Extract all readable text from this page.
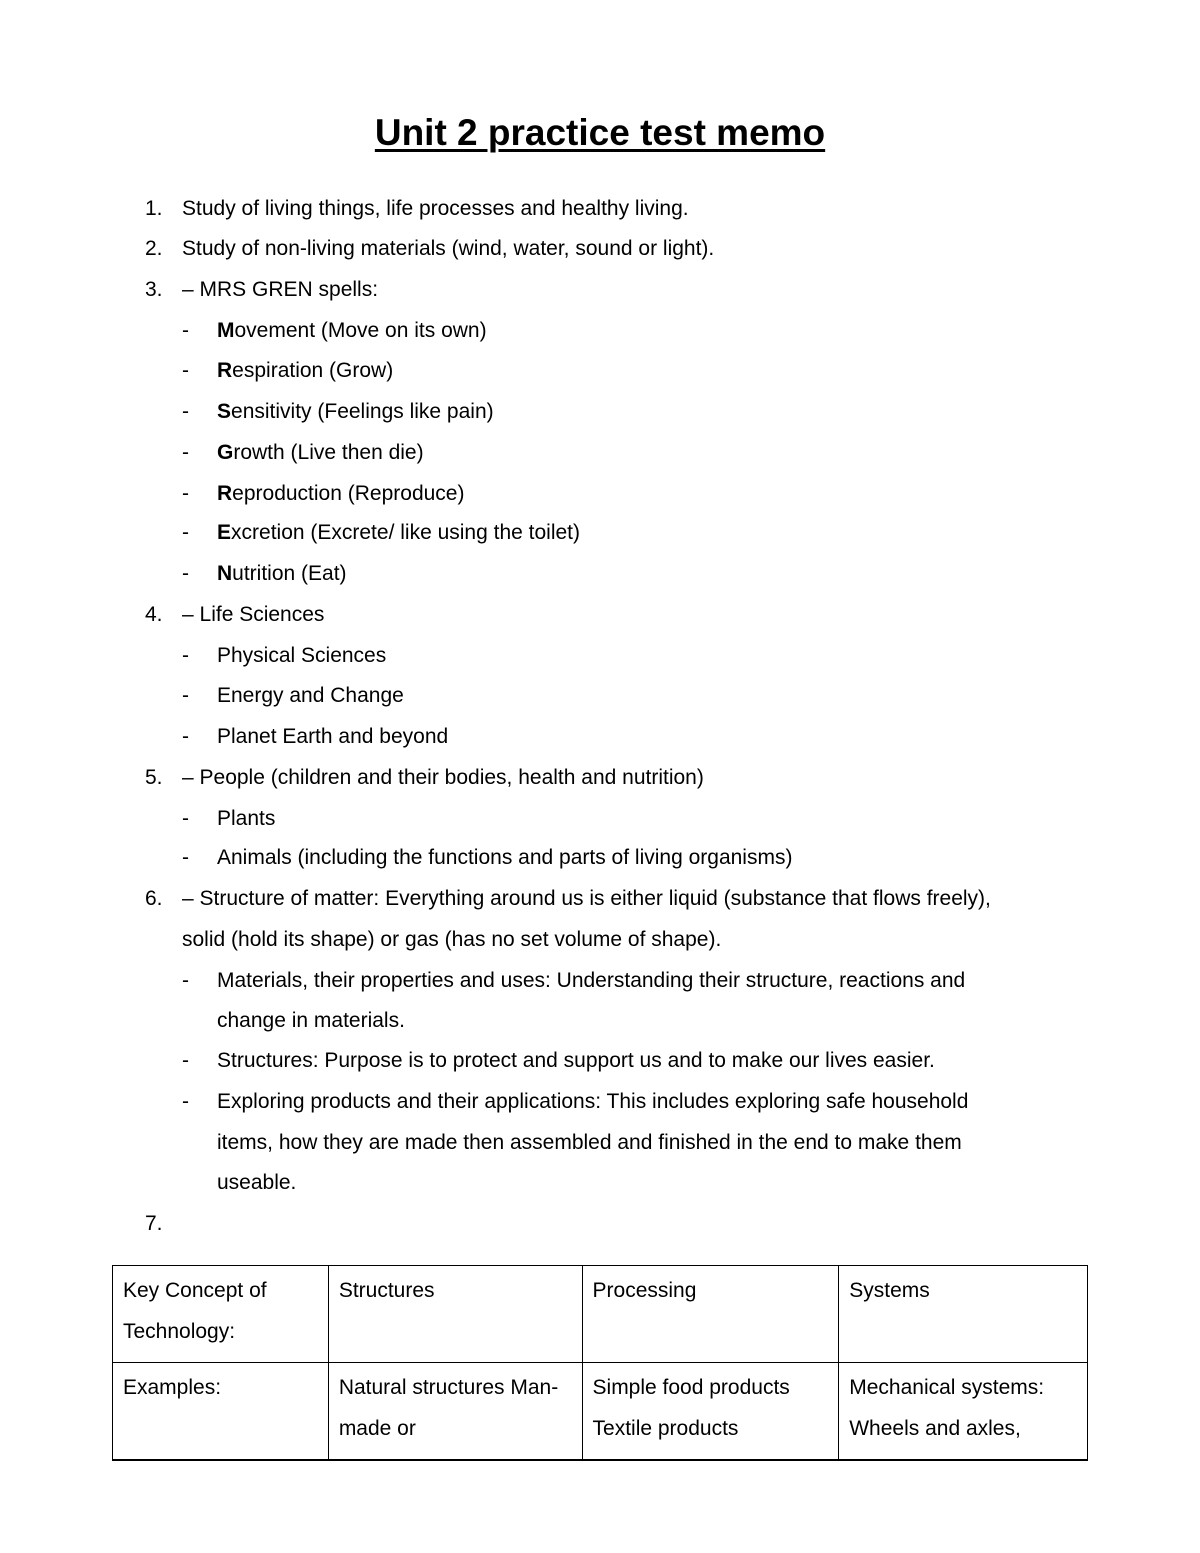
Unit 2 practice test memo
1. Study of living things, life processes and healthy living.
2. Study of non-living materials (wind, water, sound or light).
3. – MRS GREN spells:
- Movement (Move on its own)
- Respiration (Grow)
- Sensitivity (Feelings like pain)
- Growth (Live then die)
- Reproduction (Reproduce)
- Excretion (Excrete/ like using the toilet)
- Nutrition (Eat)
4. – Life Sciences
- Physical Sciences
- Energy and Change
- Planet Earth and beyond
5. – People (children and their bodies, health and nutrition)
- Plants
- Animals (including the functions and parts of living organisms)
6. – Structure of matter: Everything around us is either liquid (substance that flows freely),
solid (hold its shape) or gas (has no set volume of shape).
- Materials, their properties and uses: Understanding their structure, reactions and
change in materials.
- Structures: Purpose is to protect and support us and to make our lives easier.
- Exploring products and their applications: This includes exploring safe household
items, how they are made then assembled and finished in the end to make them
useable.
7.
Key Concept of Technology:	Structures	Processing	Systems
Examples:	Natural structures Man-made or	Simple food products Textile products	Mechanical systems: Wheels and axles,
